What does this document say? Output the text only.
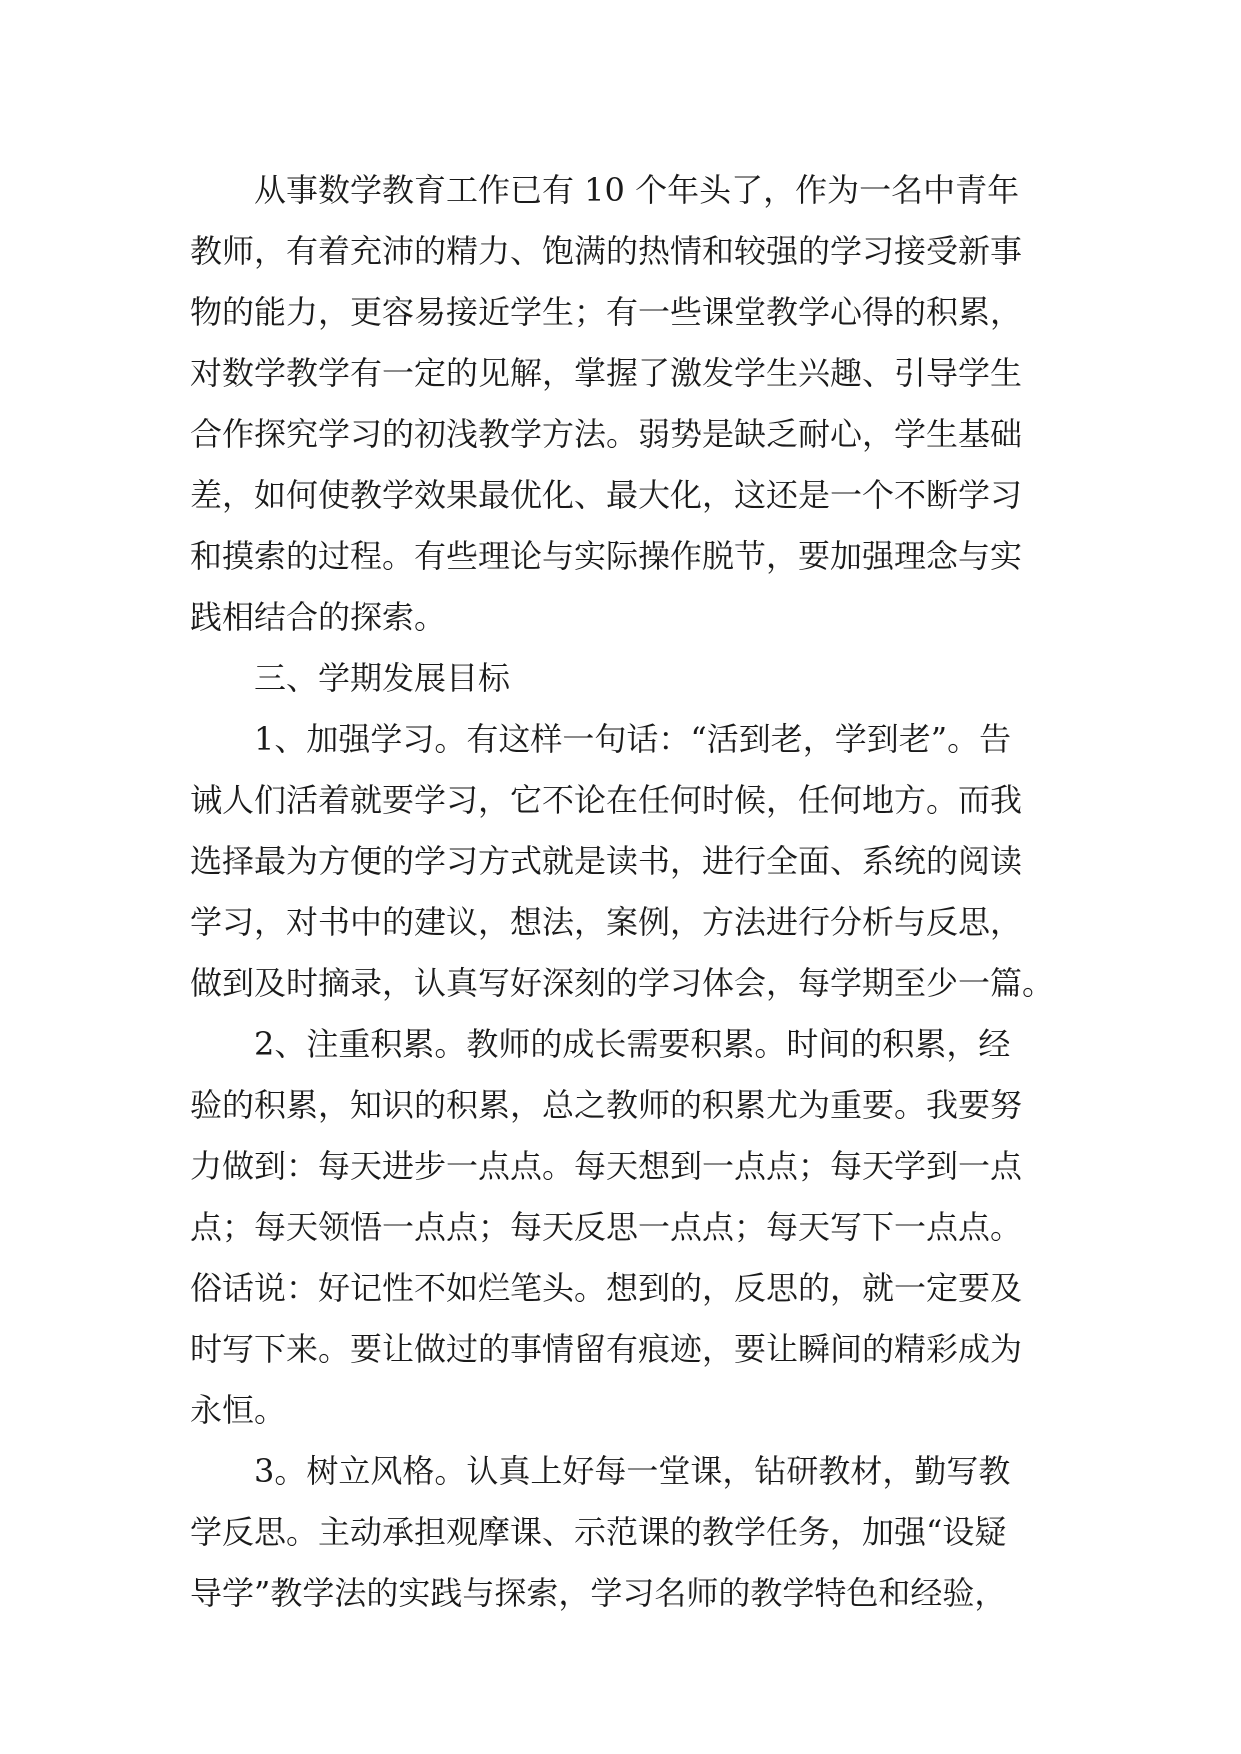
从事数学教育工作已有 10 个年头了，作为一名中青年
教师，有着充沛的精力、饱满的热情和较强的学习接受新事
物的能力，更容易接近学生；有一些课堂教学心得的积累，
对数学教学有一定的见解，掌握了激发学生兴趣、引导学生
合作探究学习的初浅教学方法。弱势是缺乏耐心，学生基础
差，如何使教学效果最优化、最大化，这还是一个不断学习
和摸索的过程。有些理论与实际操作脱节，要加强理念与实
践相结合的探索。
三、学期发展目标
1、加强学习。有这样一句话：“活到老，学到老”。告
诫人们活着就要学习，它不论在任何时候，任何地方。而我
选择最为方便的学习方式就是读书，进行全面、系统的阅读
学习，对书中的建议，想法，案例，方法进行分析与反思，
做到及时摘录，认真写好深刻的学习体会，每学期至少一篇。
2、注重积累。教师的成长需要积累。时间的积累，经
验的积累，知识的积累，总之教师的积累尤为重要。我要努
力做到：每天进步一点点。每天想到一点点；每天学到一点
点；每天领悟一点点；每天反思一点点；每天写下一点点。
俗话说：好记性不如烂笔头。想到的，反思的，就一定要及
时写下来。要让做过的事情留有痕迹，要让瞬间的精彩成为
永恒。
3。树立风格。认真上好每一堂课，钻研教材，勤写教
学反思。主动承担观摩课、示范课的教学任务，加强“设疑
导学”教学法的实践与探索，学习名师的教学特色和经验，
